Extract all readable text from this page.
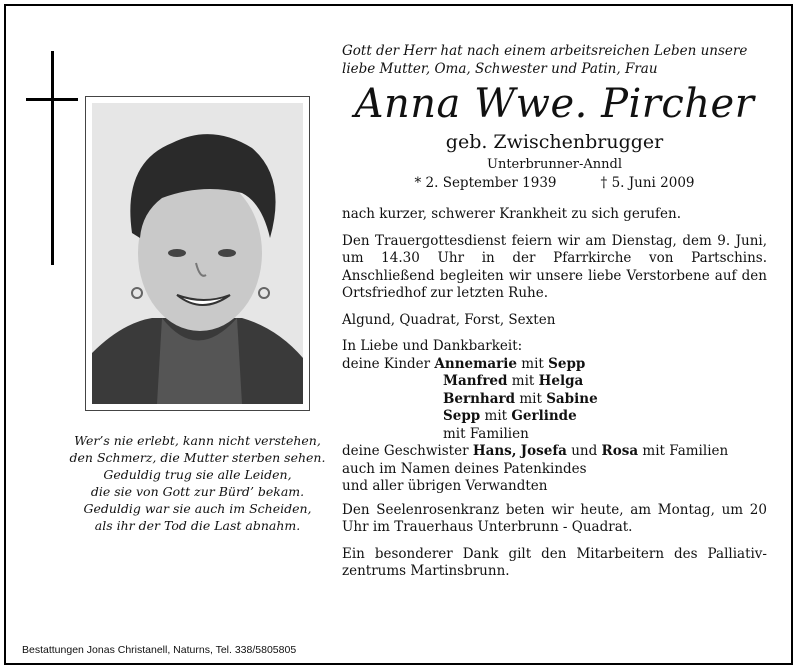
Wer’s nie erlebt, kann nicht verstehen,
den Schmerz, die Mutter sterben sehen.
Geduldig trug sie alle Leiden,
die sie von Gott zur Bürd’ bekam.
Geduldig war sie auch im Scheiden,
als ihr der Tod die Last abnahm.
Gott der Herr hat nach einem arbeitsreichen Leben unsere
liebe Mutter, Oma, Schwester und Patin, Frau
Anna Wwe. Pircher
geb. Zwischenbrugger
Unterbrunner-Anndl
* 2. September 1939	† 5. Juni 2009
nach kurzer, schwerer Krankheit zu sich gerufen.
Den Trauergottesdienst feiern wir am Dienstag, dem 9. Juni, um 14.30 Uhr in der Pfarrkirche von Partschins. Anschließend begleiten wir unsere liebe Verstorbene auf den Ortsfriedhof zur letzten Ruhe.
Algund, Quadrat, Forst, Sexten
In Liebe und Dankbarkeit:
deine Kinder Annemarie mit Sepp
Manfred mit Helga
Bernhard mit Sabine
Sepp mit Gerlinde
mit Familien
deine Geschwister Hans, Josefa und Rosa mit Familien
auch im Namen deines Patenkindes
und aller übrigen Verwandten
Den Seelenrosenkranz beten wir heute, am Montag, um 20 Uhr im Trauerhaus Unterbrunn - Quadrat.
Ein besonderer Dank gilt den Mitarbeitern des Palliativ-zentrums Martinsbrunn.
Bestattungen Jonas Christanell, Naturns, Tel. 338/5805805
